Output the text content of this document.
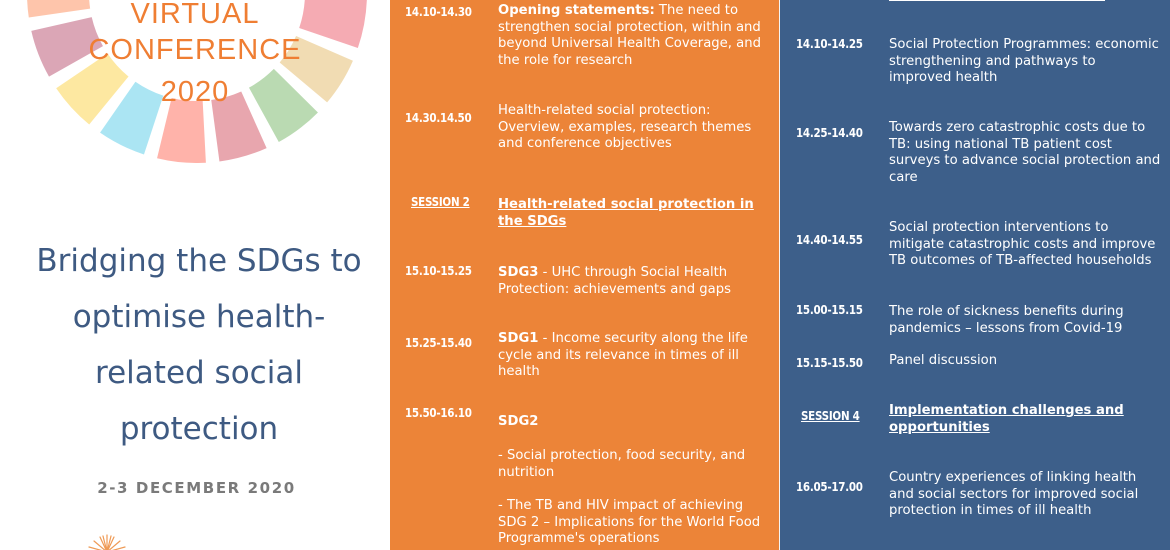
VIRTUAL
CONFERENCE
2020
Bridging the SDGs to
optimise health-
related social
protection
2-3 DECEMBER 2020
14.10-14.30 Opening statements: The need to strengthen social protection, within and beyond Universal Health Coverage, and the role for research
14.30.14.50 Health-related social protection: Overview, examples, research themes and conference objectives
SESSION 2 Health-related social protection in the SDGs
15.10-15.25 SDG3 - UHC through Social Health Protection: achievements and gaps
15.25-15.40 SDG1 - Income security along the life cycle and its relevance in times of ill health
15.50-16.10
SDG2
- Social protection, food security, and nutrition
- The TB and HIV impact of achieving SDG 2 – Implications for the World Food Programme's operations
14.10-14.25 Social Protection Programmes: economic strengthening and pathways to improved health
14.25-14.40 Towards zero catastrophic costs due to TB: using national TB patient cost surveys to advance social protection and care
14.40-14.55
Social protection interventions to mitigate catastrophic costs and improve TB outcomes of TB-affected households
15.00-15.15 The role of sickness benefits during pandemics – lessons from Covid-19
15.15-15.50 Panel discussion
SESSION 4 Implementation challenges and opportunities
16.05-17.00
Country experiences of linking health and social sectors for improved social protection in times of ill health
